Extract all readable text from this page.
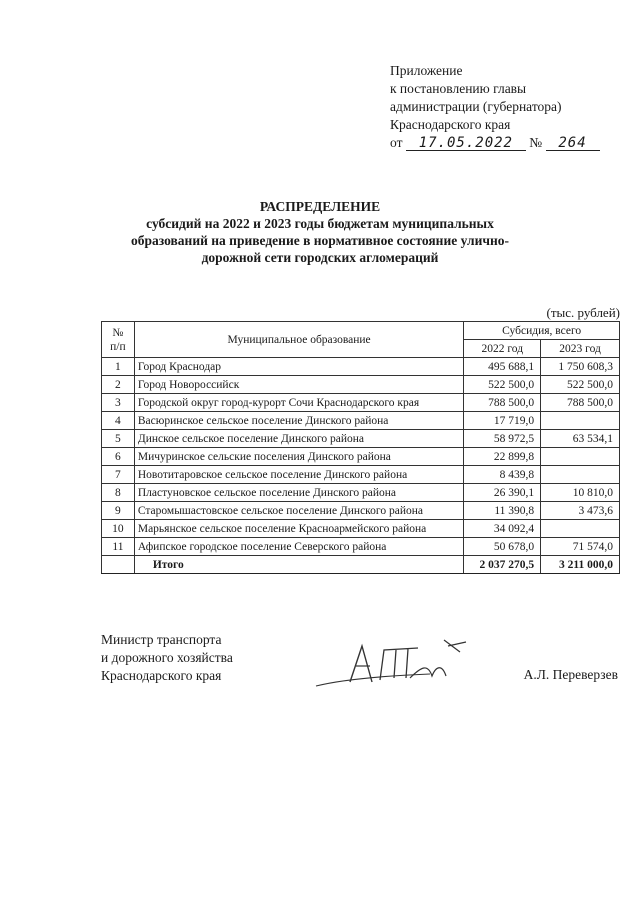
Приложение
к постановлению главы
администрации (губернатора)
Краснодарского края
от 17.05.2022 № 264
РАСПРЕДЕЛЕНИЕ
субсидий на 2022 и 2023 годы бюджетам муниципальных
образований на приведение в нормативное состояние улично-
дорожной сети городских агломераций
(тыс. рублей)
№
п/п	Муниципальное образование	Субсидия, всего	
		2022 год	2023 год
1	Город Краснодар	495 688,1	1 750 608,3
2	Город Новороссийск	522 500,0	522 500,0
3	Городской округ город-курорт Сочи Краснодарского края	788 500,0	788 500,0
4	Васюринское сельское поселение Динского района	17 719,0	
5	Динское сельское поселение Динского района	58 972,5	63 534,1
6	Мичуринское сельские поселения Динского района	22 899,8	
7	Новотитаровское сельское поселение Динского района	8 439,8	
8	Пластуновское сельское поселение Динского района	26 390,1	10 810,0
9	Старомышастовское сельское поселение Динского района	11 390,8	3 473,6
10	Марьянское сельское поселение Красноармейского района	34 092,4	
11	Афипское городское поселение Северского района	50 678,0	71 574,0
	Итого	2 037 270,5	3 211 000,0
Министр транспорта
и дорожного хозяйства
Краснодарского края	А.Л. Переверзев
